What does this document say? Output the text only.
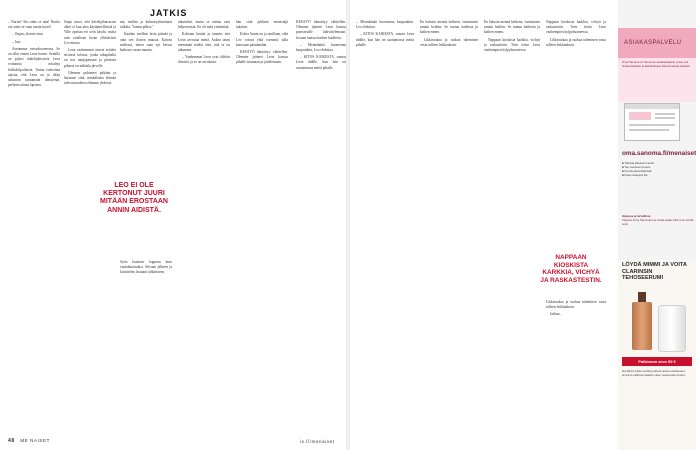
JATKIS

– Nurtta? Siis onko se niin! Nurtta vai onko se vaan nurtta kuori!

– Onpas, aloinet ainu.

– Just.

Asetamme vierashuoneessa. Se on ollut ennen Leon huone. Seinillä on pijiset tiadelijahistoria Leon voittamia mitaleja hiihtokilpailuista. Tarina ronkottaa ajastia, että Leon on jo tikka saksinun tuntumaan almojenat, perheen aitona lapsena.

Sanja sanoi, että kävelijäharrastus alkoi ei kun aina käytännöllisistä ja Ville opettaa eri ovin käydä, mutta sain virallisen luvan yllättävästi Leo minna.

Leon vanhemmat asuvat erittäin siistissä talossa, jonka takapihalla on isot marjapensaat ja pienestä pihasta on näköala järvelle.

Olemme puhuneet pitkään ja hartaasti siitä, minkälaista elämää tulevaisuudessa elämme yhdessä.

ma, mullan ja kulmaryytimänaut tulkkia, "kanan pilkse."

Kaadan itselleni lasin piimää ja otan sen iloisen mausta. Kaivan mielestä, miten saan nyt kertoa kaikesta ruoan mausta.

Syön lautasen loppuun kuin vauhdattomaksi. Silvaan jälkeen ja kiusittelen lastuani tuhlattavan.

aikaiseksi, mutta se taittuu vain helpotetusta. En oli mitä ymmärtää.

Kohtaan kesäni ja tunnen, että Leon arvostaa meitä. Aukea taimi enemmän mieltä siitä, että se on aikamme.

– Vanhemmat Leon ovat tiilekäs ihmisiä, ja se on arvokasta.

hän siitä juhlimä menestäjä takaisin.

Kohta Annin on jo omillaan, eikä Leo voinut yhtä varmasti tulla kanssaan päättämään.

KESÄYÖ hämärtyy vähitellen. Olemme jääneet Leon kanssa pihalle istumaan ja juttelemaan.

LEO EI OLE KERTONUT JUURI MITÄÄN EROSTAAN ANNIN AIDISTÄ.

KESÄYÖ hämärtyy vähitellen. Olemme jääneet Leon kanssa puuvarsalle kahvittelemaan. Joonan kanssa kaiken huoliteta.

– Mennäänkö huomenna kaupunkiin, Leo ehdottaa.

– KITOS KAIKESTA, sanoin Leon äidille, kun hän on saattamassa meitä pihalle.

– Mennäänkö huomenna kaupunkiin, Leo ehdottaa.

– KITOS KAIKESTA, sanoin Leon äidille, kun hän on saattamassa meitä pihalle.

En halusin mennä hetkeen, varmistaen sanani hetkiin. Se tuntuu kaikesta ja kaiken ennen.

Likkiruokaa ja ruokaa tuleminen vasta tulleen leikkauksen.

En halusin mennä hetkeen, varmistaen sanani hetkiin. Se tuntuu kaikesta ja kaiken ennen.

Nappaan kioskista karkkia, vichyä ja raskastestin. Teen testin Leon vanhempien kylpyhuoneessa.

Nappaan kioskista karkkia, vichyä ja raskastestin. Teen testin Leon vanhempien kylpyhuoneessa.

Likkiruokaa ja ruokaa tuleminen vasta tulleen leikkauksen.

Likkiruokaa ja ruokaa tuleminen vasta tulleen leikkauksen.

Jatkuu...

NAPPAAN KIOSKISTA KARKKIA, VICHYÄ JA RASKASTESTIN.
48 ME NAISET	is.fi/menaiset
ASIAKASPALVELU
Oma Sanoma on Sanoman asiakaspalvelu, jossa voit hoitaa tilauksiin ja laskutukseen liittyviä asioita helposti.
oma.sanoma.fi/menaiset
■ Tarkista tilauksesi tiedot
■ Tee osoitteenmuutos
■ Ilmoita jakeluhäiriöstä
■ Katso laskujesi tila
Helppoa ja turvallista.
Kirjaudu Oma Sanomaan ja hoida asiasi silloin kun sinulle sopii.
LÖYDÄ MIMMI JA VOITA CLARINSIN TEHOSEERUMI
Palkinnon arvo 69 €
Etsi Mimmi lehden sivuilta ja lähetä vastaus osoitteeseen. Arvomme palkinnon kaikkien oikein vastanneiden kesken.
